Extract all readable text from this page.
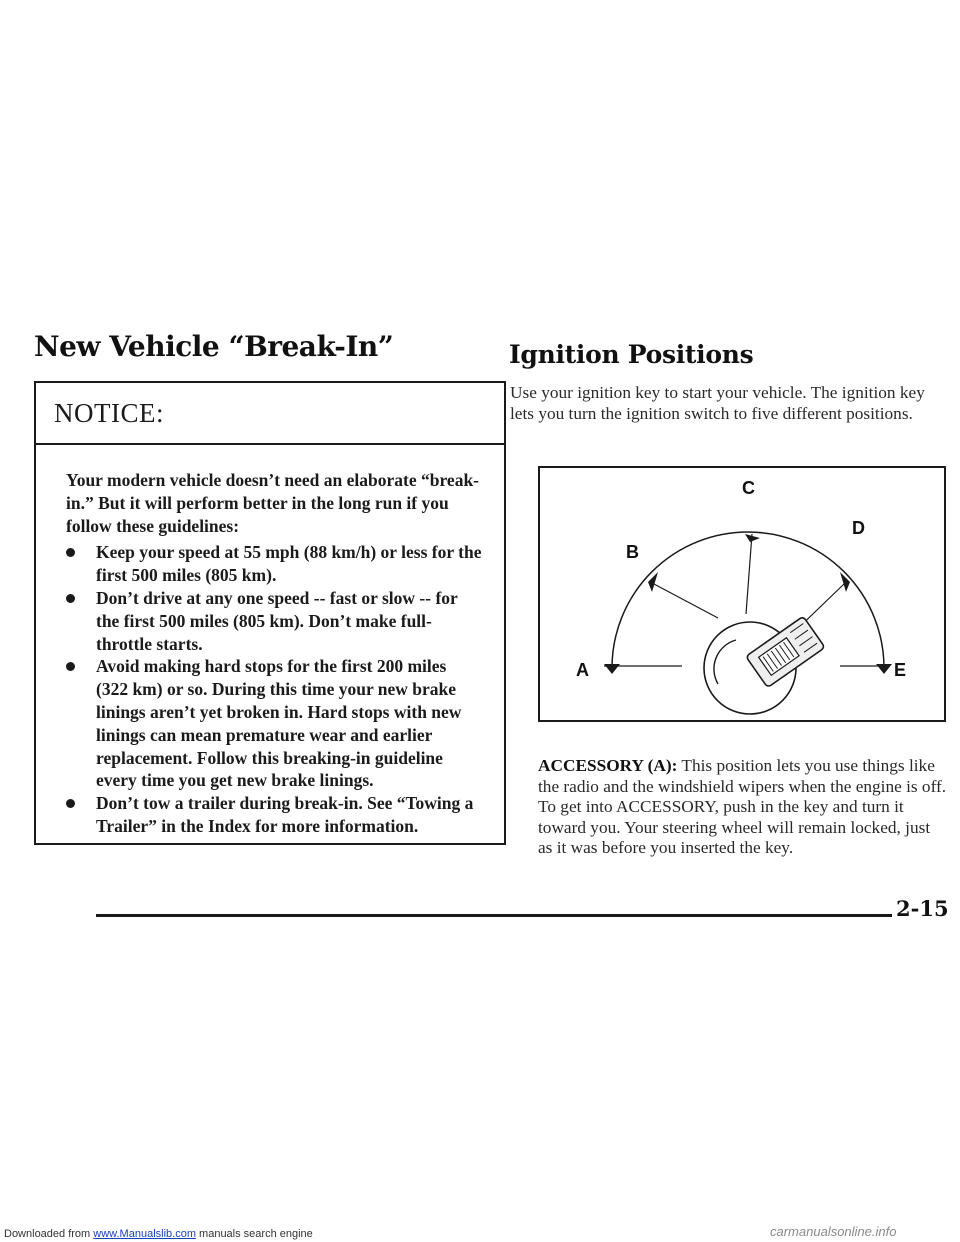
New Vehicle “Break-In”
NOTICE:

Your modern vehicle doesn’t need an elaborate “break-in.” But it will perform better in the long run if you follow these guidelines:

Keep your speed at 55 mph (88 km/h) or less for the first 500 miles (805 km).
Don’t drive at any one speed -- fast or slow -- for the first 500 miles (805 km). Don’t make full-throttle starts.
Avoid making hard stops for the first 200 miles (322 km) or so. During this time your new brake linings aren’t yet broken in. Hard stops with new linings can mean premature wear and earlier replacement. Follow this breaking-in guideline every time you get new brake linings.
Don’t tow a trailer during break-in. See “Towing a Trailer” in the Index for more information.
Ignition Positions
Use your ignition key to start your vehicle. The ignition key lets you turn the ignition switch to five different positions.
A
B
C
D
E
ACCESSORY (A): This position lets you use things like the radio and the windshield wipers when the engine is off. To get into ACCESSORY, push in the key and turn it toward you. Your steering wheel will remain locked, just as it was before you inserted the key.
2-15
Downloaded from www.Manualslib.com manuals search engine	carmanualsonline.info
